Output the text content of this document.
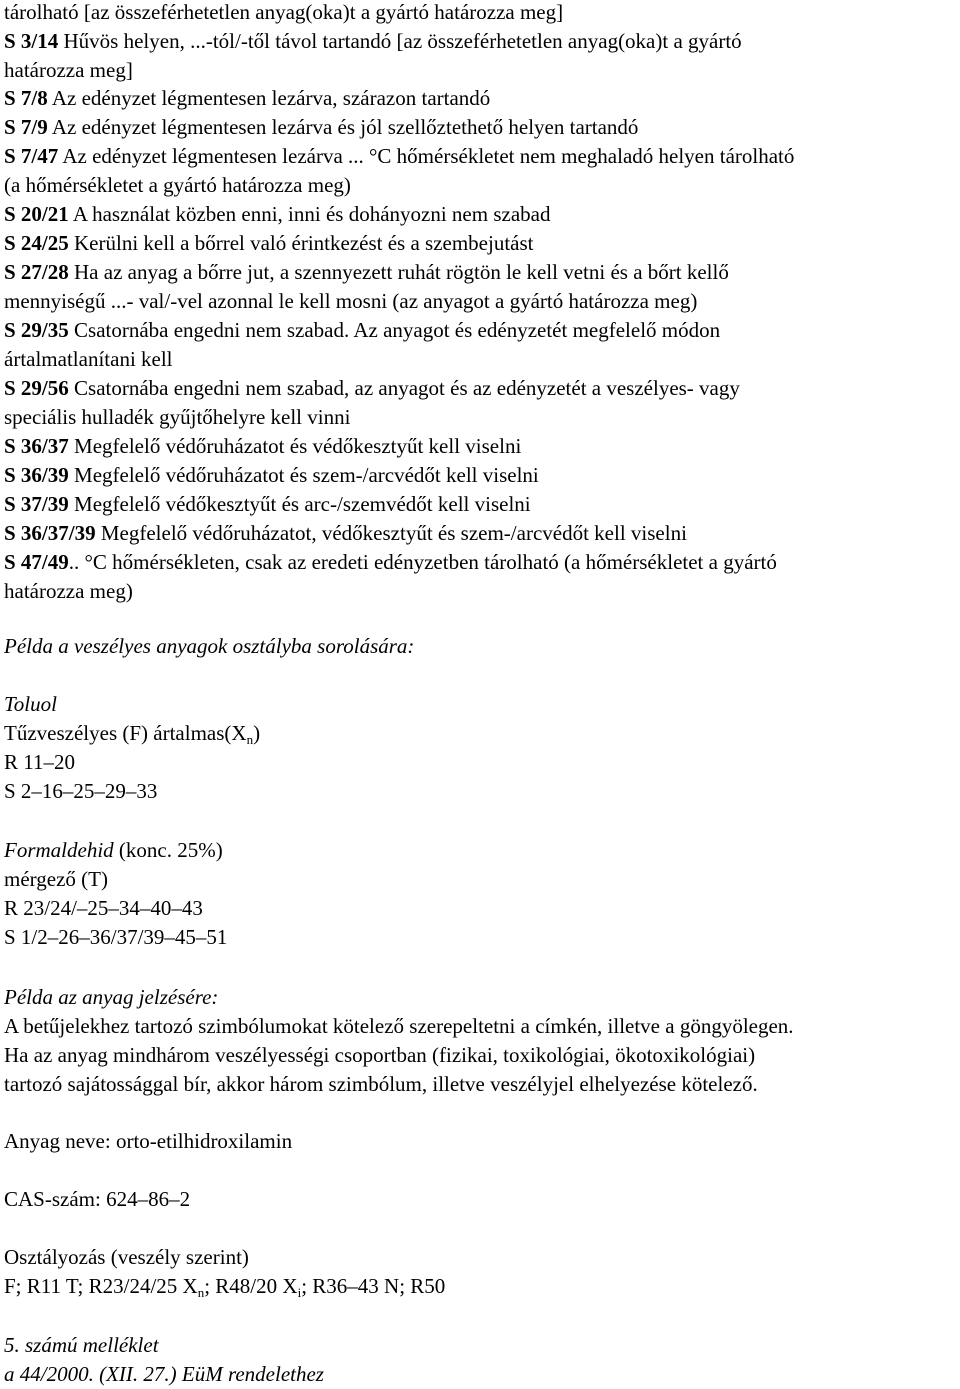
tárolható [az összeférhetetlen anyag(oka)t a gyártó határozza meg]
S 3/14 Hűvös helyen, ...-tól/-től távol tartandó [az összeférhetetlen anyag(oka)t a gyártó
határozza meg]
S 7/8 Az edényzet légmentesen lezárva, szárazon tartandó
S 7/9 Az edényzet légmentesen lezárva és jól szellőztethető helyen tartandó
S 7/47 Az edényzet légmentesen lezárva ... °C hőmérsékletet nem meghaladó helyen tárolható
(a hőmérsékletet a gyártó határozza meg)
S 20/21 A használat közben enni, inni és dohányozni nem szabad
S 24/25 Kerülni kell a bőrrel való érintkezést és a szembejutást
S 27/28 Ha az anyag a bőrre jut, a szennyezett ruhát rögtön le kell vetni és a bőrt kellő
mennyiségű ...- val/-vel azonnal le kell mosni (az anyagot a gyártó határozza meg)
S 29/35 Csatornába engedni nem szabad. Az anyagot és edényzetét megfelelő módon
ártalmatlanítani kell
S 29/56 Csatornába engedni nem szabad, az anyagot és az edényzetét a veszélyes- vagy
speciális hulladék gyűjtőhelyre kell vinni
S 36/37 Megfelelő védőruházatot és védőkesztyűt kell viselni
S 36/39 Megfelelő védőruházatot és szem-/arcvédőt kell viselni
S 37/39 Megfelelő védőkesztyűt és arc-/szemvédőt kell viselni
S 36/37/39 Megfelelő védőruházatot, védőkesztyűt és szem-/arcvédőt kell viselni
S 47/49.. °C hőmérsékleten, csak az eredeti edényzetben tárolható (a hőmérsékletet a gyártó
határozza meg)
Példa a veszélyes anyagok osztályba sorolására:
Toluol
Tűzveszélyes (F) $ártalmas(X_n)$
R 11–20
S 2–16–25–29–33
Formaldehid (konc. 25%)
mérgező (T)
R 23/24/–25–34–40–43
S 1/2–26–36/37/39–45–51
Példa az anyag jelzésére:
A betűjelekhez tartozó szimbólumokat kötelező szerepeltetni a címkén, illetve a göngyölegen.
Ha az anyag mindhárom veszélyességi csoportban (fizikai, toxikológiai, ökotoxikológiai)
tartozó sajátossággal bír, akkor három szimbólum, illetve veszélyjel elhelyezése kötelező.
Anyag neve: orto-etilhidroxilamin
CAS-szám: 624–86–2
Osztályozás (veszély szerint)
F; R11 T; R23/24/25 $X_n$; R48/20 $X_i$; R36–43 N; R50
5. számú melléklet
a 44/2000. (XII. 27.) EüM rendelethez
